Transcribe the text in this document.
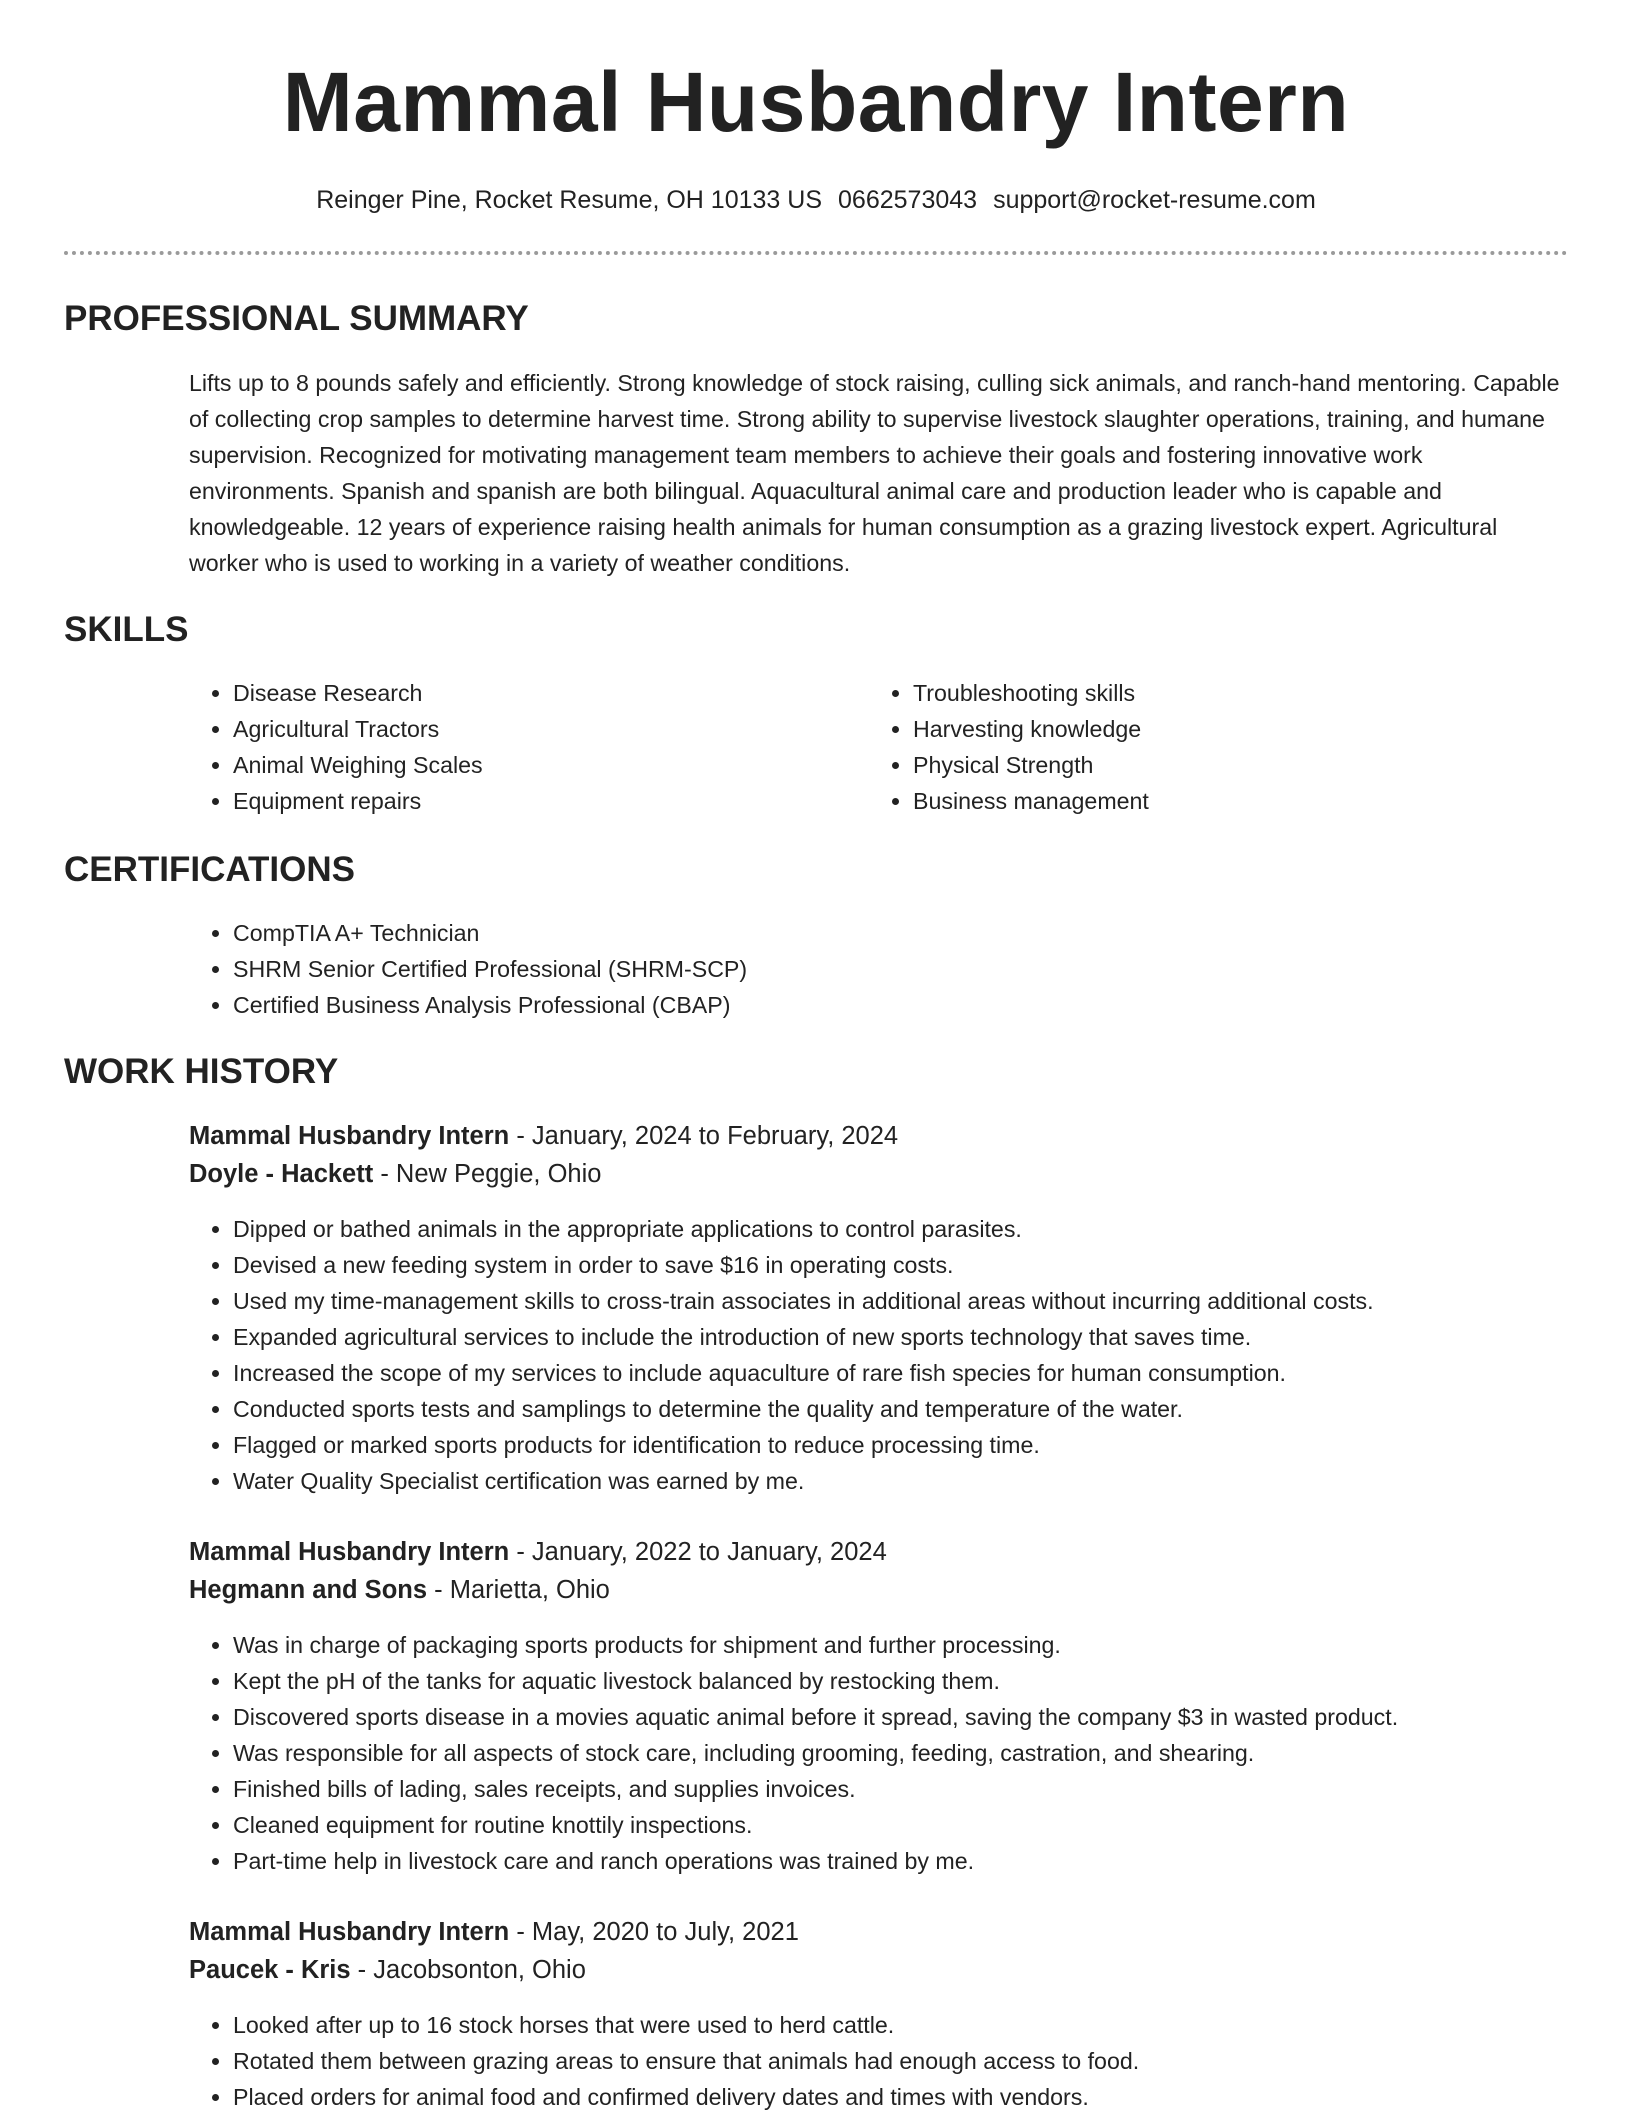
Mammal Husbandry Intern
Reinger Pine, Rocket Resume, OH 10133 US 0662573043 support@rocket-resume.com
PROFESSIONAL SUMMARY

Lifts up to 8 pounds safely and efficiently. Strong knowledge of stock raising, culling sick animals, and ranch-hand mentoring. Capable of collecting crop samples to determine harvest time. Strong ability to supervise livestock slaughter operations, training, and humane supervision. Recognized for motivating management team members to achieve their goals and fostering innovative work environments. Spanish and spanish are both bilingual. Aquacultural animal care and production leader who is capable and knowledgeable. 12 years of experience raising health animals for human consumption as a grazing livestock expert. Agricultural worker who is used to working in a variety of weather conditions.

SKILLS
• Disease Research
• Agricultural Tractors
• Animal Weighing Scales
• Equipment repairs
• Troubleshooting skills
• Harvesting knowledge
• Physical Strength
• Business management
CERTIFICATIONS
• CompTIA A+ Technician
• SHRM Senior Certified Professional (SHRM-SCP)
• Certified Business Analysis Professional (CBAP)
WORK HISTORY
Mammal Husbandry Intern - January, 2024 to February, 2024
Doyle - Hackett - New Peggie, Ohio
• Dipped or bathed animals in the appropriate applications to control parasites.
• Devised a new feeding system in order to save $16 in operating costs.
• Used my time-management skills to cross-train associates in additional areas without incurring additional costs.
• Expanded agricultural services to include the introduction of new sports technology that saves time.
• Increased the scope of my services to include aquaculture of rare fish species for human consumption.
• Conducted sports tests and samplings to determine the quality and temperature of the water.
• Flagged or marked sports products for identification to reduce processing time.
• Water Quality Specialist certification was earned by me.
Mammal Husbandry Intern - January, 2022 to January, 2024
Hegmann and Sons - Marietta, Ohio
• Was in charge of packaging sports products for shipment and further processing.
• Kept the pH of the tanks for aquatic livestock balanced by restocking them.
• Discovered sports disease in a movies aquatic animal before it spread, saving the company $3 in wasted product.
• Was responsible for all aspects of stock care, including grooming, feeding, castration, and shearing.
• Finished bills of lading, sales receipts, and supplies invoices.
• Cleaned equipment for routine knottily inspections.
• Part-time help in livestock care and ranch operations was trained by me.
Mammal Husbandry Intern - May, 2020 to July, 2021
Paucek - Kris - Jacobsonton, Ohio
• Looked after up to 16 stock horses that were used to herd cattle.
• Rotated them between grazing areas to ensure that animals had enough access to food.
• Placed orders for animal food and confirmed delivery dates and times with vendors.
